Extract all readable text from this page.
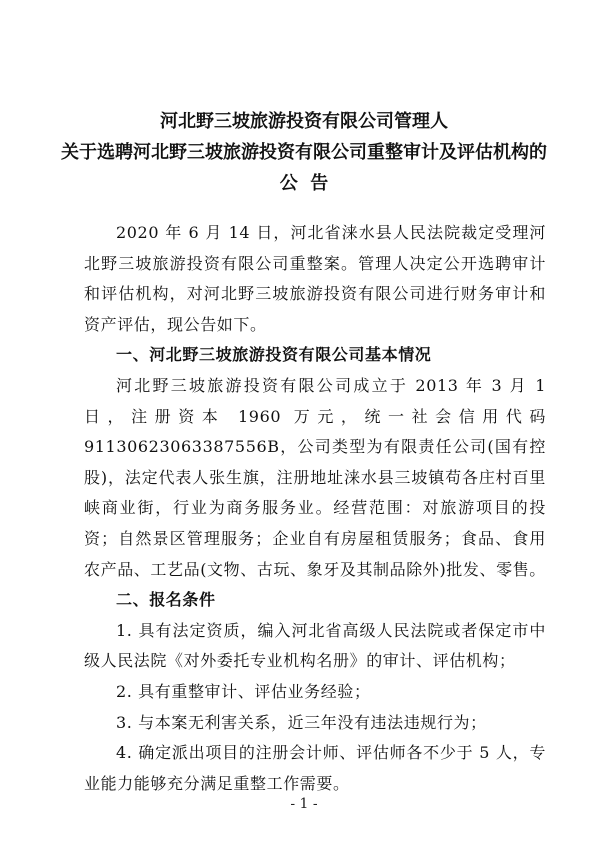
河北野三坡旅游投资有限公司管理人
关于选聘河北野三坡旅游投资有限公司重整审计及评估机构的
公  告

2020 年 6 月 14 日，河北省涞水县人民法院裁定受理河北野三坡旅游投资有限公司重整案。管理人决定公开选聘审计和评估机构，对河北野三坡旅游投资有限公司进行财务审计和资产评估，现公告如下。

一、河北野三坡旅游投资有限公司基本情况

河北野三坡旅游投资有限公司成立于 2013 年 3 月 1 日，注册资本 1960 万元，统一社会信用代码 91130623063387556B，公司类型为有限责任公司(国有控股)，法定代表人张生旗，注册地址涞水县三坡镇苟各庄村百里峡商业街，行业为商务服务业。经营范围：对旅游项目的投资；自然景区管理服务；企业自有房屋租赁服务；食品、食用农产品、工艺品(文物、古玩、象牙及其制品除外)批发、零售。

二、报名条件

1. 具有法定资质，编入河北省高级人民法院或者保定市中级人民法院《对外委托专业机构名册》的审计、评估机构；

2. 具有重整审计、评估业务经验；

3. 与本案无利害关系，近三年没有违法违规行为；

4. 确定派出项目的注册会计师、评估师各不少于 5 人，专业能力能够充分满足重整工作需要。

- 1 -
